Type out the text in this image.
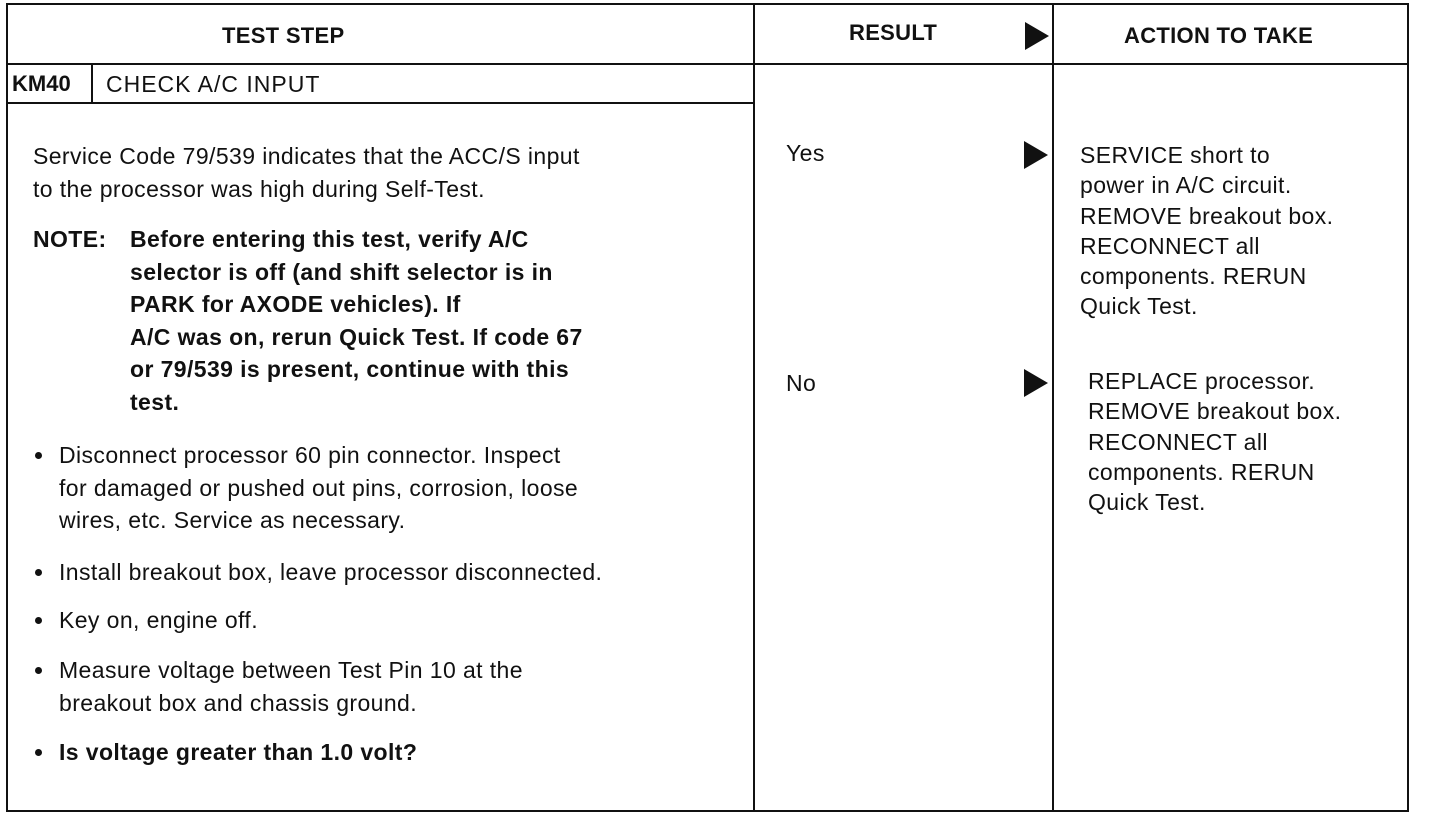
TEST STEP	RESULT	ACTION TO TAKE
KM40 CHECK A/C INPUT
Service Code 79/539 indicates that the ACC/S input
to the processor was high during Self-Test.
NOTE: Before entering this test, verify A/C
selector is off (and shift selector is in
PARK for AXODE vehicles). If
A/C was on, rerun Quick Test. If code 67
or 79/539 is present, continue with this
test.
Disconnect processor 60 pin connector. Inspect
for damaged or pushed out pins, corrosion, loose
wires, etc. Service as necessary.
Install breakout box, leave processor disconnected.
Key on, engine off.
Measure voltage between Test Pin 10 at the
breakout box and chassis ground.
Is voltage greater than 1.0 volt?
Yes	SERVICE short to
power in A/C circuit.
REMOVE breakout box.
RECONNECT all
components. RERUN
Quick Test.
No	REPLACE processor.
REMOVE breakout box.
RECONNECT all
components. RERUN
Quick Test.
